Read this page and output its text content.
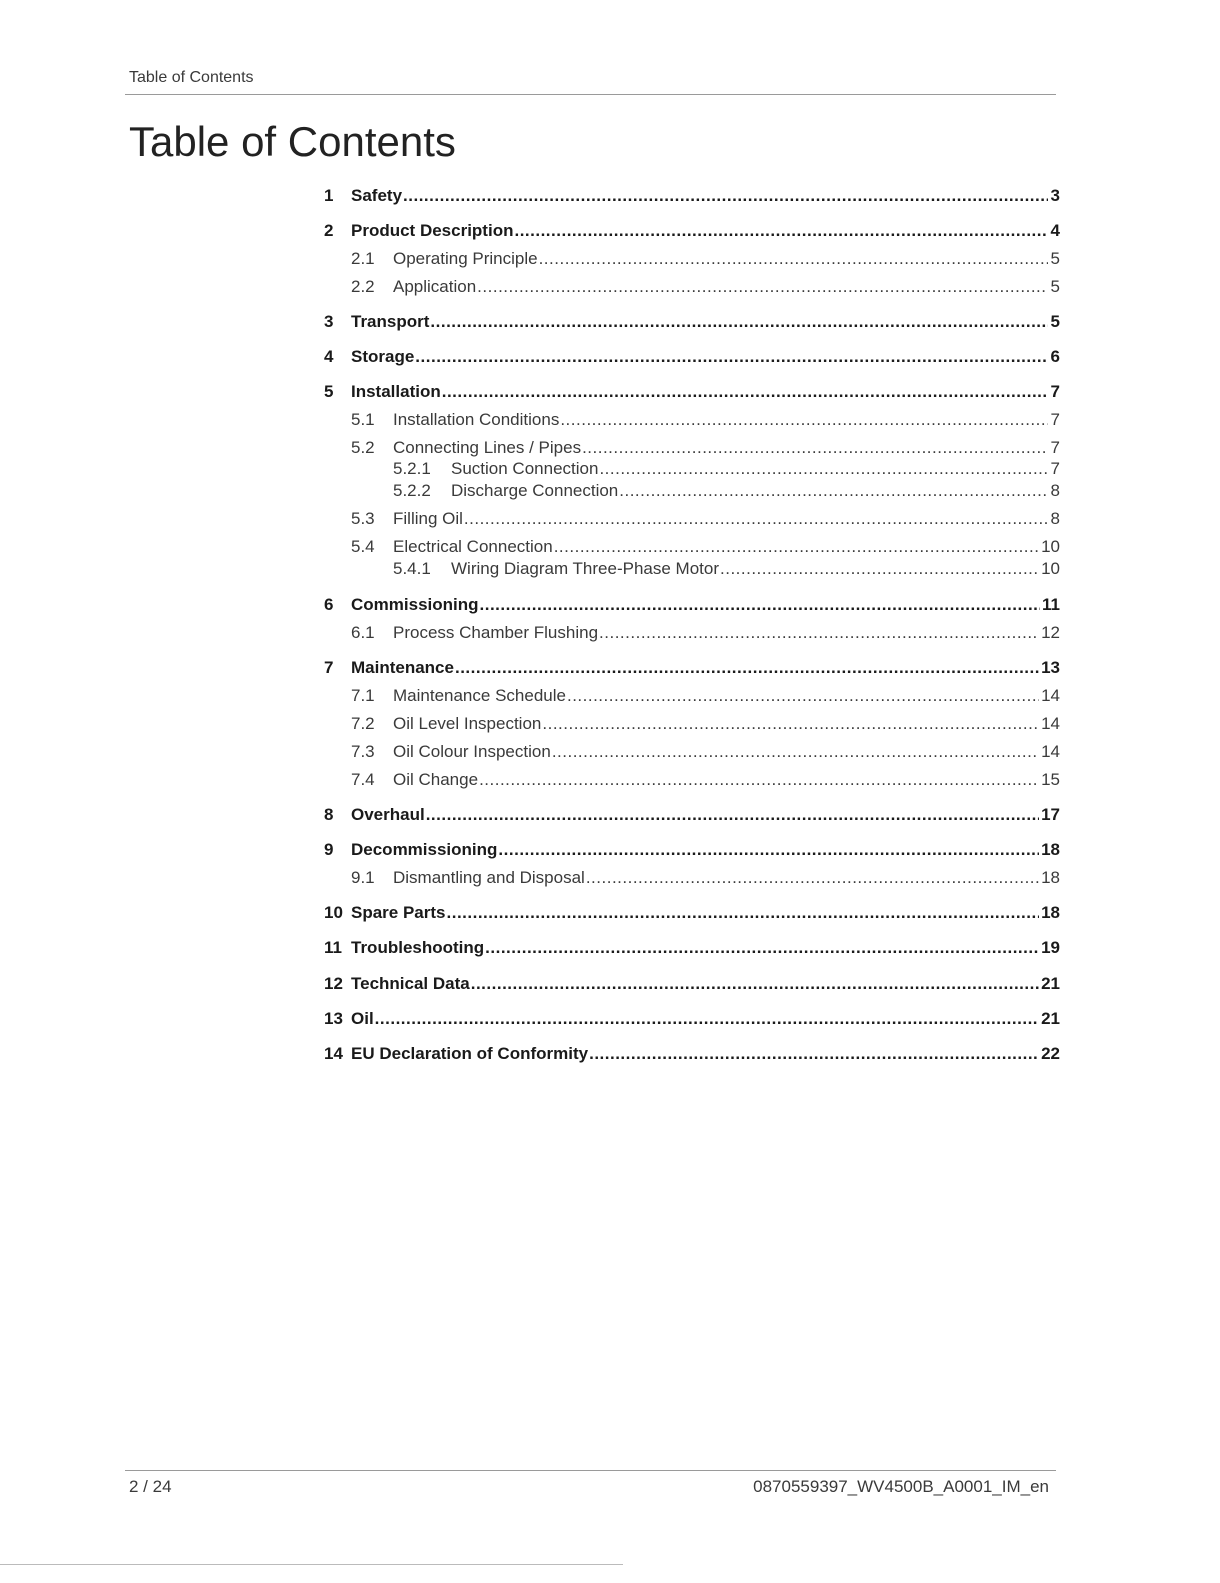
Table of Contents
Table of Contents
1	Safety .....	3
2	Product Description .....	4
2.1	Operating Principle .....	5
2.2	Application .....	5
3	Transport .....	5
4	Storage .....	6
5	Installation .....	7
5.1	Installation Conditions .....	7
5.2	Connecting Lines / Pipes .....	7
5.2.1	Suction Connection .....	7
5.2.2	Discharge Connection .....	8
5.3	Filling Oil .....	8
5.4	Electrical Connection .....	10
5.4.1	Wiring Diagram Three-Phase Motor .....	10
6	Commissioning .....	11
6.1	Process Chamber Flushing .....	12
7	Maintenance .....	13
7.1	Maintenance Schedule .....	14
7.2	Oil Level Inspection .....	14
7.3	Oil Colour Inspection .....	14
7.4	Oil Change .....	15
8	Overhaul .....	17
9	Decommissioning .....	18
9.1	Dismantling and Disposal .....	18
10 Spare Parts .....	18
11 Troubleshooting .....	19
12 Technical Data .....	21
13 Oil .....	21
14 EU Declaration of Conformity .....	22
2 / 24	0870559397_WV4500B_A0001_IM_en
